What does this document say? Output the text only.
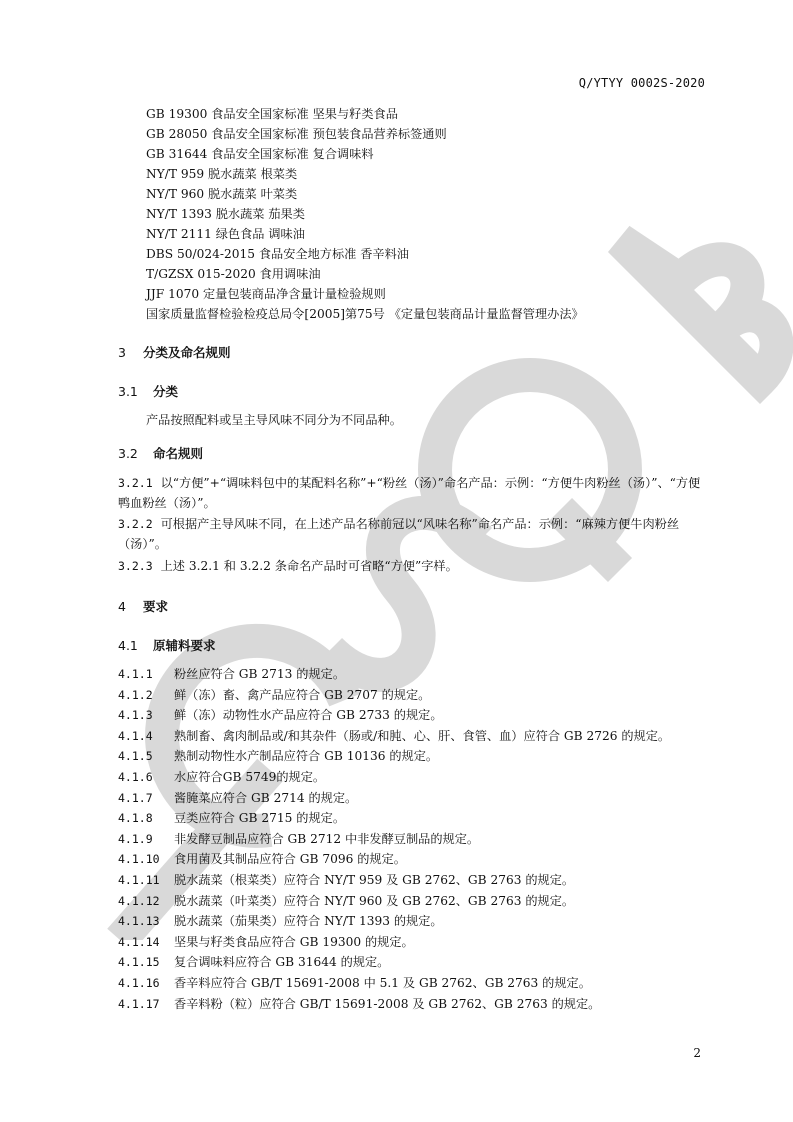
Q/YTYY 0002S-2020
GB 19300 食品安全国家标准 坚果与籽类食品
GB 28050 食品安全国家标准 预包装食品营养标签通则
GB 31644 食品安全国家标准 复合调味料
NY/T 959 脱水蔬菜 根菜类
NY/T 960 脱水蔬菜 叶菜类
NY/T 1393 脱水蔬菜 茄果类
NY/T 2111 绿色食品 调味油
DBS 50/024-2015 食品安全地方标准 香辛料油
T/GZSX 015-2020 食用调味油
JJF 1070 定量包装商品净含量计量检验规则
国家质量监督检验检疫总局令[2005]第75号 《定量包装商品计量监督管理办法》
3 分类及命名规则
3.1 分类
产品按照配料或呈主导风味不同分为不同品种。
3.2 命名规则
3.2.1 以“方便”+“调味料包中的某配料名称”+“粉丝（汤）”命名产品：示例：“方便牛肉粉丝（汤）”、“方便鸭血粉丝（汤）”。
3.2.2 可根据产主导风味不同，在上述产品名称前冠以“风味名称”命名产品：示例：“麻辣方便牛肉粉丝（汤）”。
3.2.3 上述 3.2.1 和 3.2.2 条命名产品时可省略“方便”字样。
4 要求
4.1 原辅料要求
4.1.1 粉丝应符合 GB 2713 的规定。
4.1.2 鲜（冻）畜、禽产品应符合 GB 2707 的规定。
4.1.3 鲜（冻）动物性水产品应符合 GB 2733 的规定。
4.1.4 熟制畜、禽肉制品或/和其杂件（肠或/和肫、心、肝、食管、血）应符合 GB 2726 的规定。
4.1.5 熟制动物性水产制品应符合 GB 10136 的规定。
4.1.6 水应符合GB 5749的规定。
4.1.7 酱腌菜应符合 GB 2714 的规定。
4.1.8 豆类应符合 GB 2715 的规定。
4.1.9 非发酵豆制品应符合 GB 2712 中非发酵豆制品的规定。
4.1.10 食用菌及其制品应符合 GB 7096 的规定。
4.1.11 脱水蔬菜（根菜类）应符合 NY/T 959 及 GB 2762、GB 2763 的规定。
4.1.12 脱水蔬菜（叶菜类）应符合 NY/T 960 及 GB 2762、GB 2763 的规定。
4.1.13 脱水蔬菜（茄果类）应符合 NY/T 1393 的规定。
4.1.14 坚果与籽类食品应符合 GB 19300 的规定。
4.1.15 复合调味料应符合 GB 31644 的规定。
4.1.16 香辛料应符合 GB/T 15691-2008 中 5.1 及 GB 2762、GB 2763 的规定。
4.1.17 香辛料粉（粒）应符合 GB/T 15691-2008 及 GB 2762、GB 2763 的规定。
2
